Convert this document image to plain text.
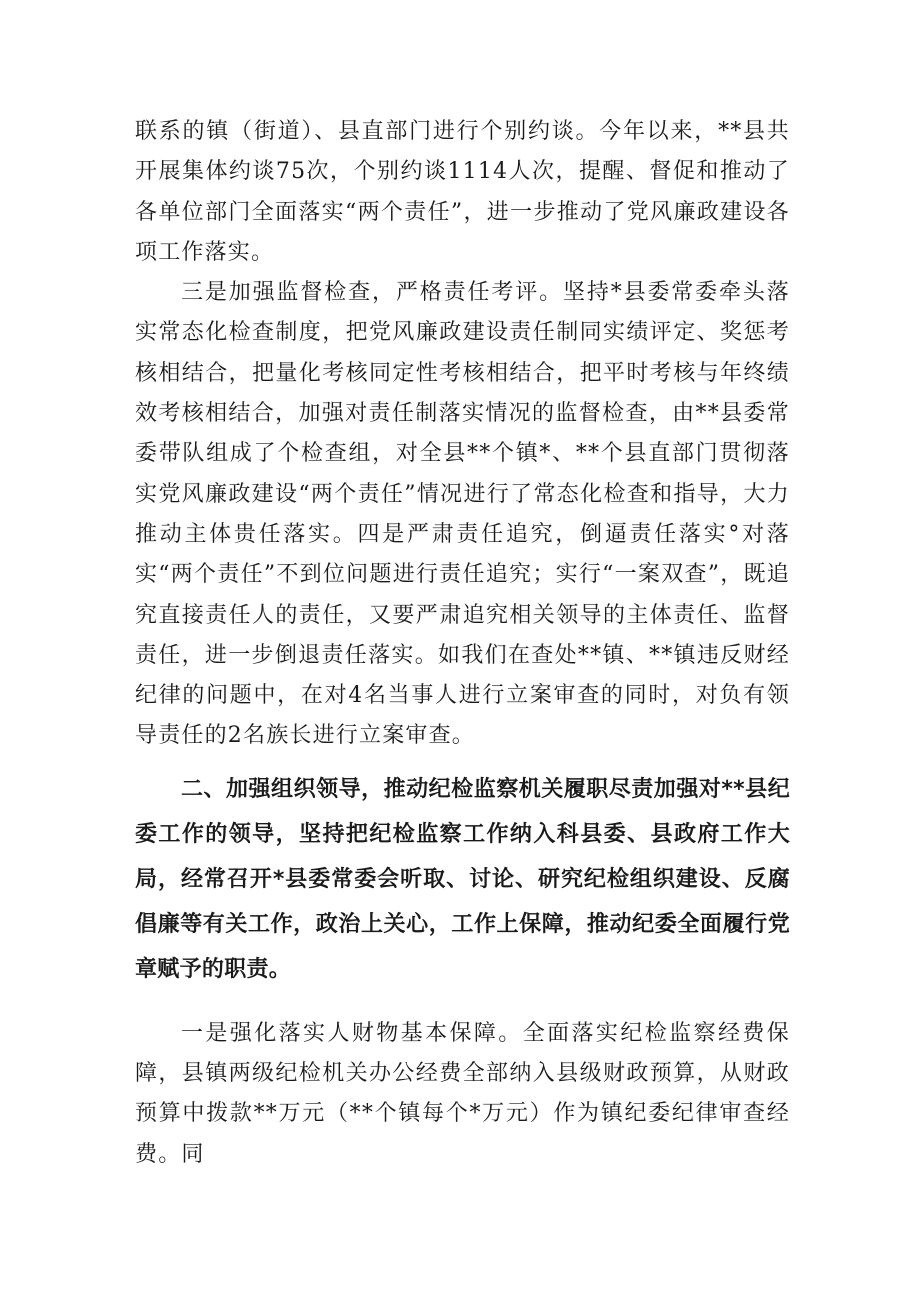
联系的镇（街道）、县直部门进行个别约谈。今年以来，**县共开展集体约谈75次，个别约谈1114人次，提醒、督促和推动了各单位部门全面落实“两个责任”，进一步推动了党风廉政建设各项工作落实。

三是加强监督检查，严格责任考评。坚持*县委常委牵头落实常态化检查制度，把党风廉政建设责任制同实绩评定、奖惩考核相结合，把量化考核同定性考核相结合，把平时考核与年终绩效考核相结合，加强对责任制落实情况的监督检查，由**县委常委带队组成了个检查组，对全县**个镇*、**个县直部门贯彻落实党风廉政建设“两个责任”情况进行了常态化检查和指导，大力推动主体贵任落实。四是严肃责任追究，倒逼责任落实°对落实“两个责任”不到位问题进行责任追究；实行“一案双查”，既追究直接责任人的责任，又要严肃追究相关领导的主体责任、监督责任，进一步倒退责任落实。如我们在查处**镇、**镇违反财经纪律的问题中，在对4名当事人进行立案审查的同时，对负有领导责任的2名族长进行立案审查。

二、加强组织领导，推动纪检监察机关履职尽责加强对**县纪委工作的领导，坚持把纪检监察工作纳入科县委、县政府工作大局，经常召开*县委常委会听取、讨论、研究纪检组织建设、反腐倡廉等有关工作，政治上关心，工作上保障，推动纪委全面履行党章赋予的职责。

一是强化落实人财物基本保障。全面落实纪检监察经费保障，县镇两级纪检机关办公经费全部纳入县级财政预算，从财政预算中拨款**万元（**个镇每个*万元）作为镇纪委纪律审查经费。同
